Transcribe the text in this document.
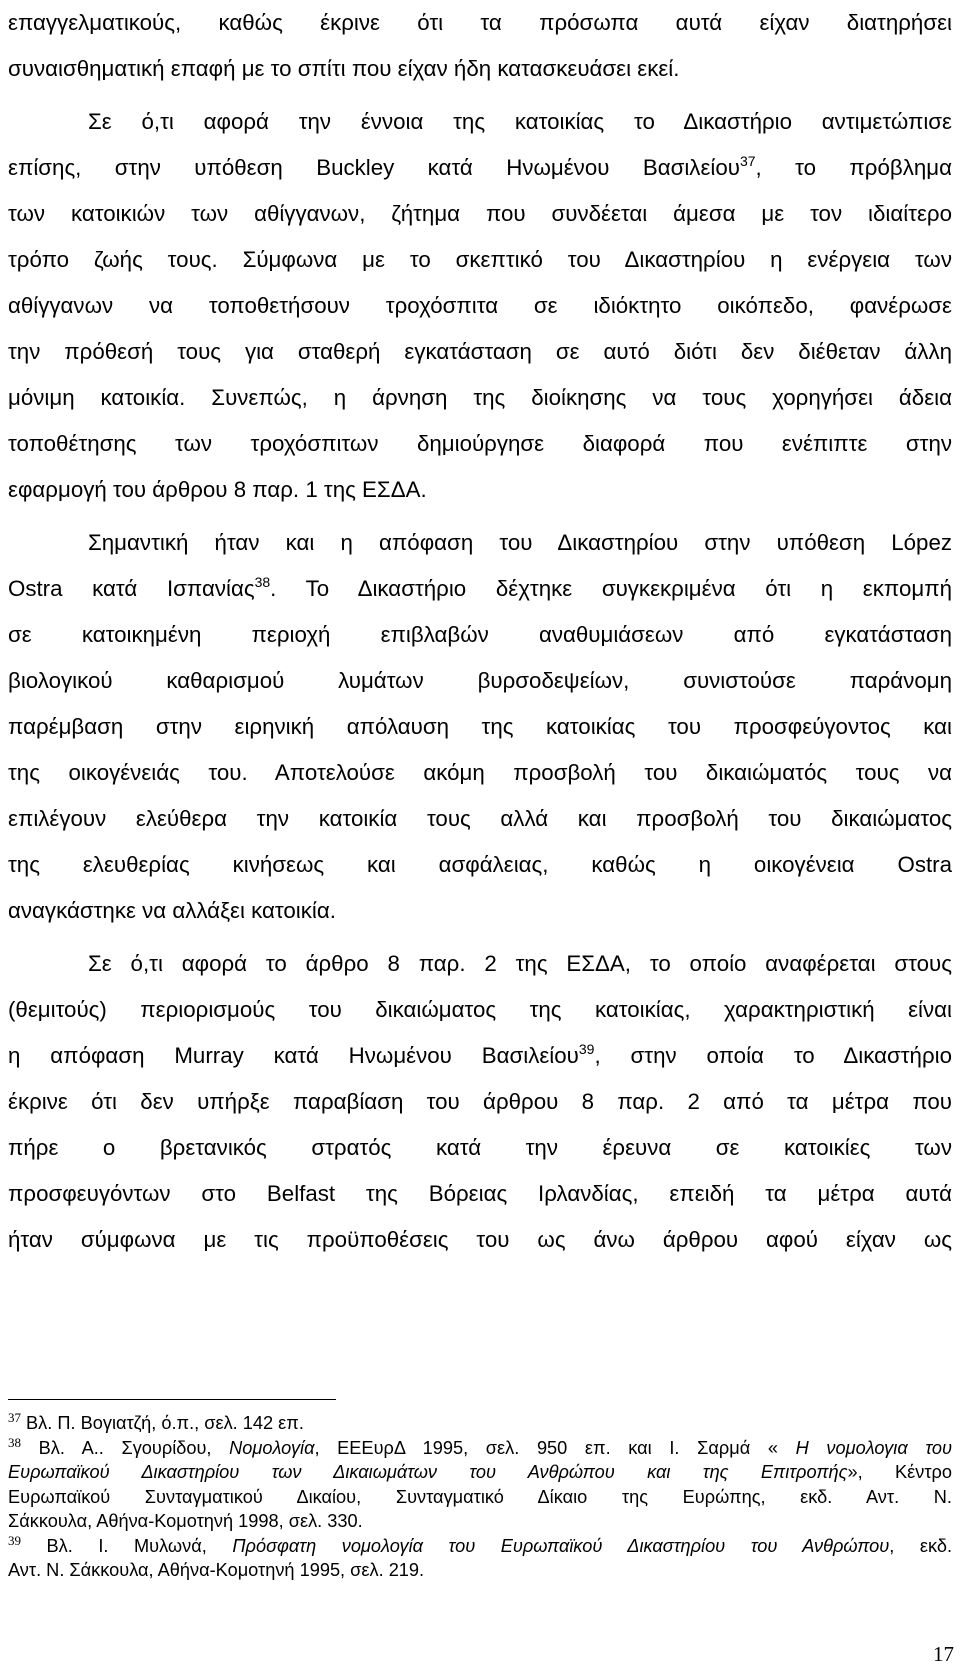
επαγγελματικούς, καθώς έκρινε ότι τα πρόσωπα αυτά είχαν διατηρήσει
συναισθηματική επαφή με το σπίτι που είχαν ήδη κατασκευάσει εκεί.
Σε ό,τι αφορά την έννοια της κατοικίας το Δικαστήριο αντιμετώπισε
επίσης, στην υπόθεση Buckley κατά Ηνωμένου Βασιλείου$^{37}$, το πρόβλημα
των κατοικιών των αθίγγανων, ζήτημα που συνδέεται άμεσα με τον ιδιαίτερο
τρόπο ζωής τους. Σύμφωνα με το σκεπτικό του Δικαστηρίου η ενέργεια των
αθίγγανων να τοποθετήσουν τροχόσπιτα σε ιδιόκτητο οικόπεδο, φανέρωσε
την πρόθεσή τους για σταθερή εγκατάσταση σε αυτό διότι δεν διέθεταν άλλη
μόνιμη κατοικία. Συνεπώς, η άρνηση της διοίκησης να τους χορηγήσει άδεια
τοποθέτησης των τροχόσπιτων δημιούργησε διαφορά που ενέπιπτε στην
εφαρμογή του άρθρου 8 παρ. 1 της ΕΣΔΑ.
Σημαντική ήταν και η απόφαση του Δικαστηρίου στην υπόθεση López
Ostra κατά Ισπανίας$^{38}$. Το Δικαστήριο δέχτηκε συγκεκριμένα ότι η εκπομπή
σε κατοικημένη περιοχή επιβλαβών αναθυμιάσεων από εγκατάσταση
βιολογικού καθαρισμού λυμάτων βυρσοδεψείων, συνιστούσε παράνομη
παρέμβαση στην ειρηνική απόλαυση της κατοικίας του προσφεύγοντος και
της οικογένειάς του. Αποτελούσε ακόμη προσβολή του δικαιώματός τους να
επιλέγουν ελεύθερα την κατοικία τους αλλά και προσβολή του δικαιώματος
της ελευθερίας κινήσεως και ασφάλειας, καθώς η οικογένεια Ostra
αναγκάστηκε να αλλάξει κατοικία.
Σε ό,τι αφορά το άρθρο 8 παρ. 2 της ΕΣΔΑ, το οποίο αναφέρεται στους
(θεμιτούς) περιορισμούς του δικαιώματος της κατοικίας, χαρακτηριστική είναι
η απόφαση Murray κατά Ηνωμένου Βασιλείου$^{39}$, στην οποία το Δικαστήριο
έκρινε ότι δεν υπήρξε παραβίαση του άρθρου 8 παρ. 2 από τα μέτρα που
πήρε ο βρετανικός στρατός κατά την έρευνα σε κατοικίες των
προσφευγόντων στο Belfast της Βόρειας Ιρλανδίας, επειδή τα μέτρα αυτά
ήταν σύμφωνα με τις προϋποθέσεις του ως άνω άρθρου αφού είχαν ως
$^{37}$ Βλ. Π. Βογιατζή, ό.π., σελ. 142 επ.
$^{38}$ Βλ. Α.. Σγουρίδου, Νομολογία, ΕΕΕυρΔ 1995, σελ. 950 επ. και Ι. Σαρμά « Η νομολογια του
Ευρωπαϊκού Δικαστηρίου των Δικαιωμάτων του Ανθρώπου και της Επιτροπής», Κέντρο
Ευρωπαϊκού Συνταγματικού Δικαίου, Συνταγματικό Δίκαιο της Ευρώπης, εκδ. Αντ. Ν.
Σάκκουλα, Αθήνα-Κομοτηνή 1998, σελ. 330.
$^{39}$ Βλ. Ι. Μυλωνά, Πρόσφατη νομολογία του Ευρωπαϊκού Δικαστηρίου του Ανθρώπου, εκδ.
Αντ. Ν. Σάκκουλα, Αθήνα-Κομοτηνή 1995, σελ. 219.
17
